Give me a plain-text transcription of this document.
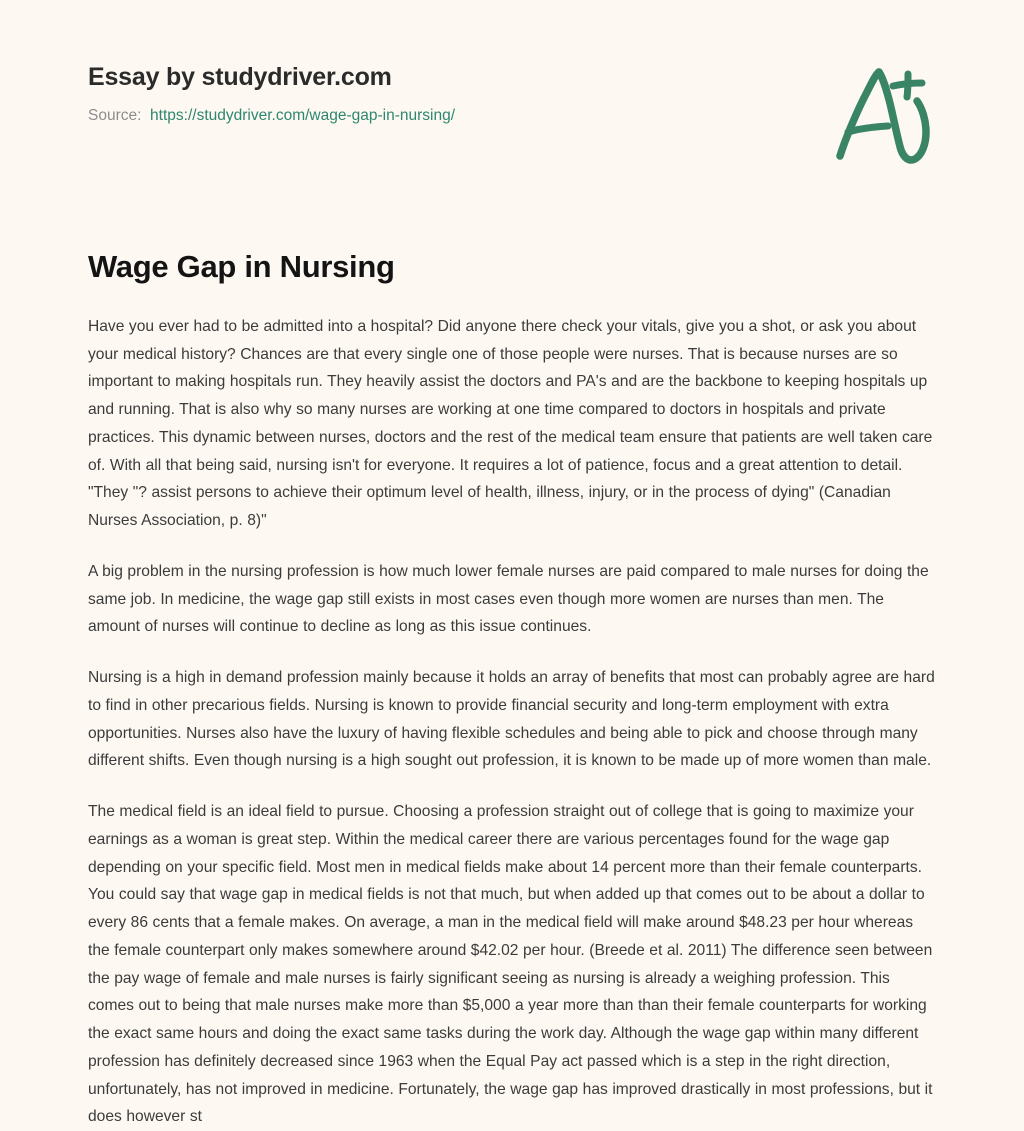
Essay by studydriver.com
Source: https://studydriver.com/wage-gap-in-nursing/
Wage Gap in Nursing

Have you ever had to be admitted into a hospital? Did anyone there check your vitals, give you a shot, or ask you about your medical history? Chances are that every single one of those people were nurses. That is because nurses are so important to making hospitals run. They heavily assist the doctors and PA's and are the backbone to keeping hospitals up and running. That is also why so many nurses are working at one time compared to doctors in hospitals and private practices. This dynamic between nurses, doctors and the rest of the medical team ensure that patients are well taken care of. With all that being said, nursing isn't for everyone. It requires a lot of patience, focus and a great attention to detail. "They "? assist persons to achieve their optimum level of health, illness, injury, or in the process of dying" (Canadian Nurses Association, p. 8)"

A big problem in the nursing profession is how much lower female nurses are paid compared to male nurses for doing the same job. In medicine, the wage gap still exists in most cases even though more women are nurses than men. The amount of nurses will continue to decline as long as this issue continues.

Nursing is a high in demand profession mainly because it holds an array of benefits that most can probably agree are hard to find in other precarious fields. Nursing is known to provide financial security and long-term employment with extra opportunities. Nurses also have the luxury of having flexible schedules and being able to pick and choose through many different shifts. Even though nursing is a high sought out profession, it is known to be made up of more women than male.

The medical field is an ideal field to pursue. Choosing a profession straight out of college that is going to maximize your earnings as a woman is great step. Within the medical career there are various percentages found for the wage gap depending on your specific field. Most men in medical fields make about 14 percent more than their female counterparts. You could say that wage gap in medical fields is not that much, but when added up that comes out to be about a dollar to every 86 cents that a female makes. On average, a man in the medical field will make around $48.23 per hour whereas the female counterpart only makes somewhere around $42.02 per hour. (Breede et al. 2011) The difference seen between the pay wage of female and male nurses is fairly significant seeing as nursing is already a weighing profession. This comes out to being that male nurses make more than $5,000 a year more than than their female counterparts for working the exact same hours and doing the exact same tasks during the work day. Although the wage gap within many different profession has definitely decreased since 1963 when the Equal Pay act passed which is a step in the right direction, unfortunately, has not improved in medicine. Fortunately, the wage gap has improved drastically in most professions, but it does however st
